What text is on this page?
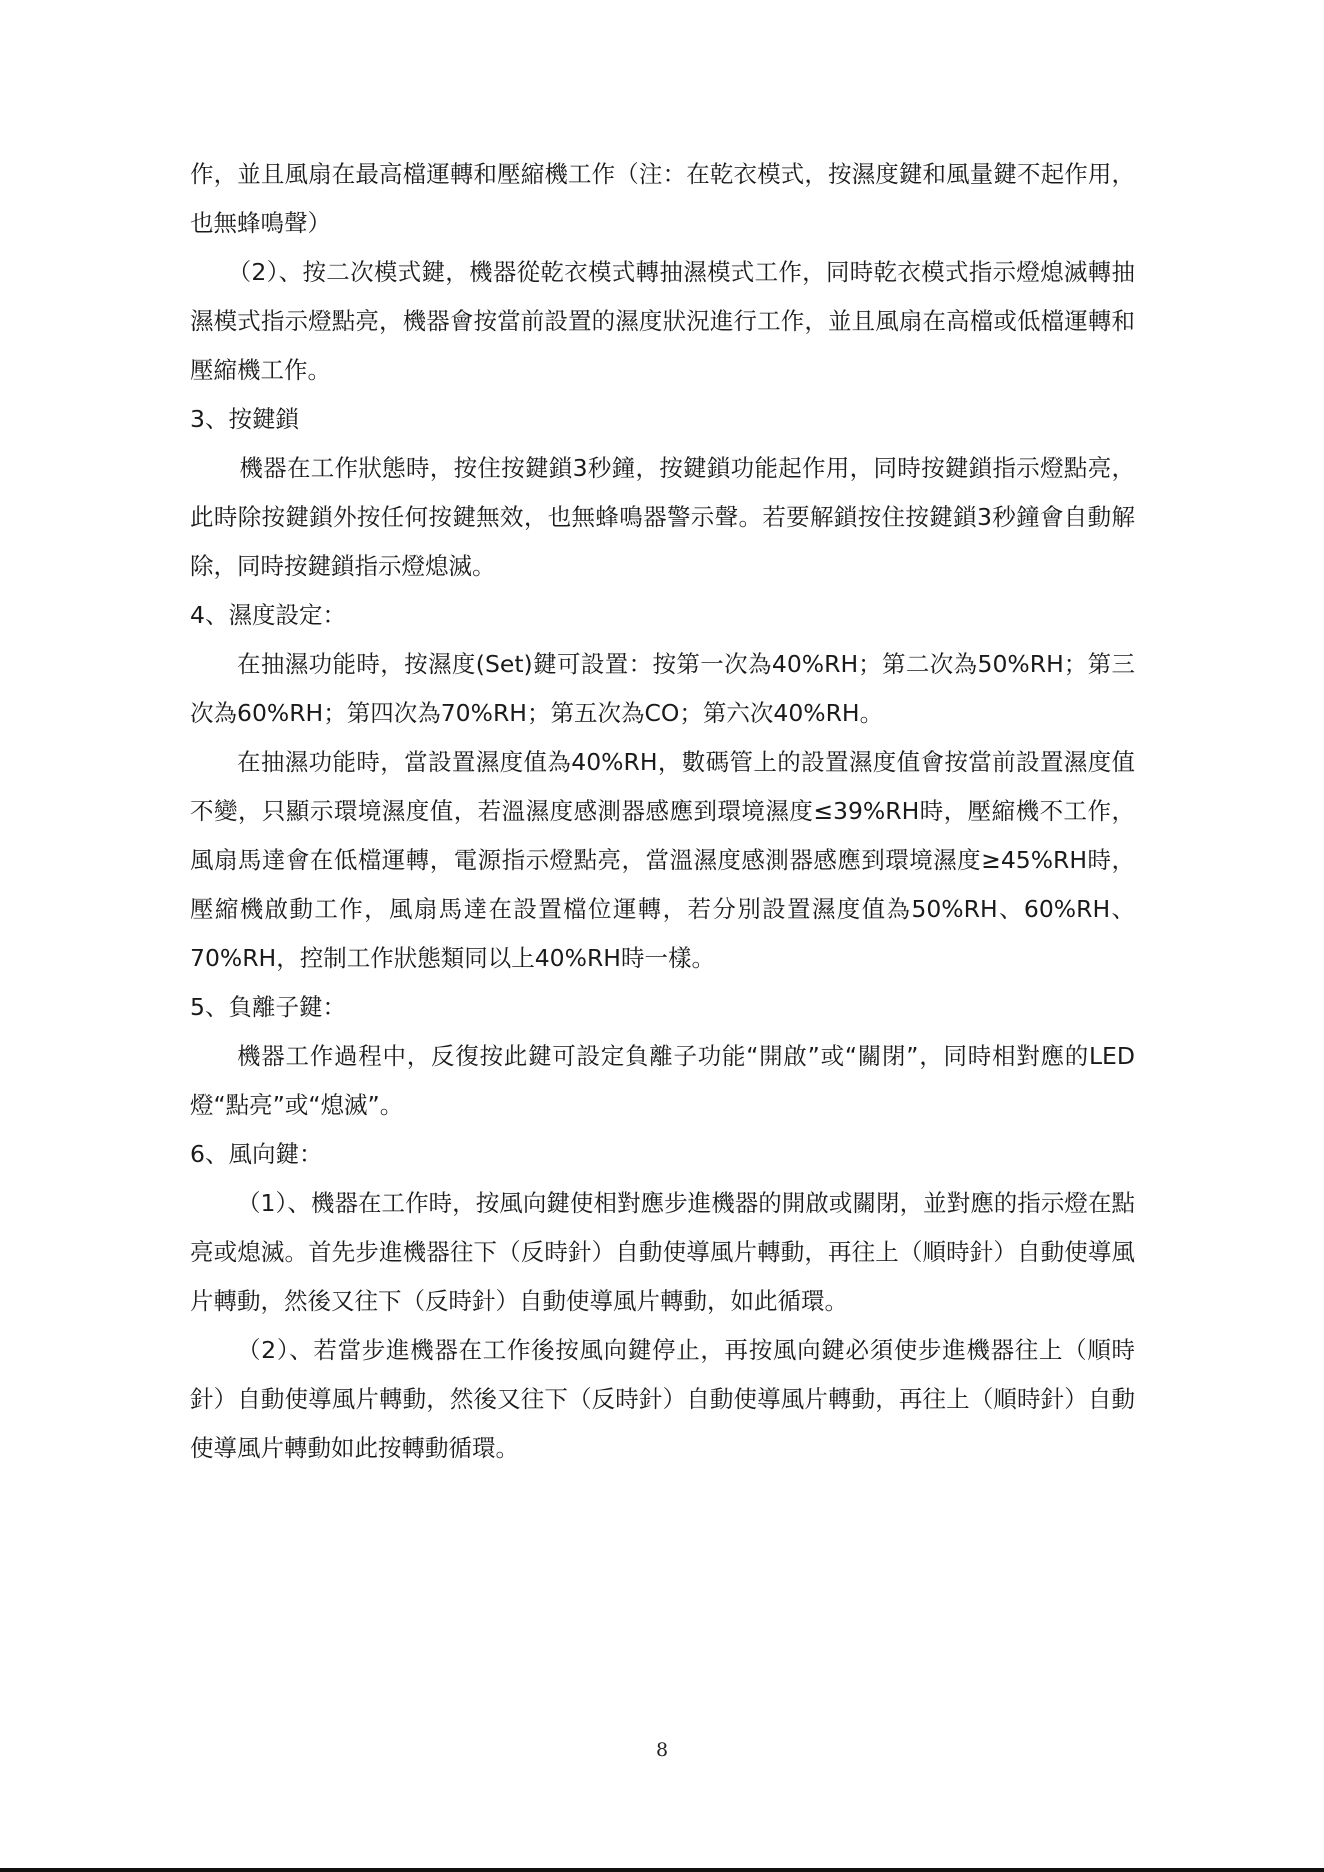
作，並且風扇在最高檔運轉和壓縮機工作（注：在乾衣模式，按濕度鍵和風量鍵不起作用，也無蜂鳴聲）

（2）、按二次模式鍵，機器從乾衣模式轉抽濕模式工作，同時乾衣模式指示燈熄滅轉抽濕模式指示燈點亮，機器會按當前設置的濕度狀況進行工作，並且風扇在高檔或低檔運轉和壓縮機工作。

3、按鍵鎖

機器在工作狀態時，按住按鍵鎖3秒鐘，按鍵鎖功能起作用，同時按鍵鎖指示燈點亮，此時除按鍵鎖外按任何按鍵無效，也無蜂鳴器警示聲。若要解鎖按住按鍵鎖3秒鐘會自動解除，同時按鍵鎖指示燈熄滅。

4、濕度設定：

在抽濕功能時，按濕度(Set)鍵可設置：按第一次為40%RH；第二次為50%RH；第三次為60%RH；第四次為70%RH；第五次為CO；第六次40%RH。

在抽濕功能時，當設置濕度值為40%RH，數碼管上的設置濕度值會按當前設置濕度值不變，只顯示環境濕度值，若溫濕度感測器感應到環境濕度≤39%RH時，壓縮機不工作，風扇馬達會在低檔運轉，電源指示燈點亮，當溫濕度感測器感應到環境濕度≥45%RH時，壓縮機啟動工作，風扇馬達在設置檔位運轉，若分別設置濕度值為50%RH、60%RH、70%RH，控制工作狀態類同以上40%RH時一樣。

5、負離子鍵：

機器工作過程中，反復按此鍵可設定負離子功能“開啟”或“關閉”，同時相對應的LED燈“點亮”或“熄滅”。

6、風向鍵：

（1）、機器在工作時，按風向鍵使相對應步進機器的開啟或關閉，並對應的指示燈在點亮或熄滅。首先步進機器往下（反時針）自動使導風片轉動，再往上（順時針）自動使導風片轉動，然後又往下（反時針）自動使導風片轉動，如此循環。

（2）、若當步進機器在工作後按風向鍵停止，再按風向鍵必須使步進機器往上（順時針）自動使導風片轉動，然後又往下（反時針）自動使導風片轉動，再往上（順時針）自動使導風片轉動如此按轉動循環。

8
